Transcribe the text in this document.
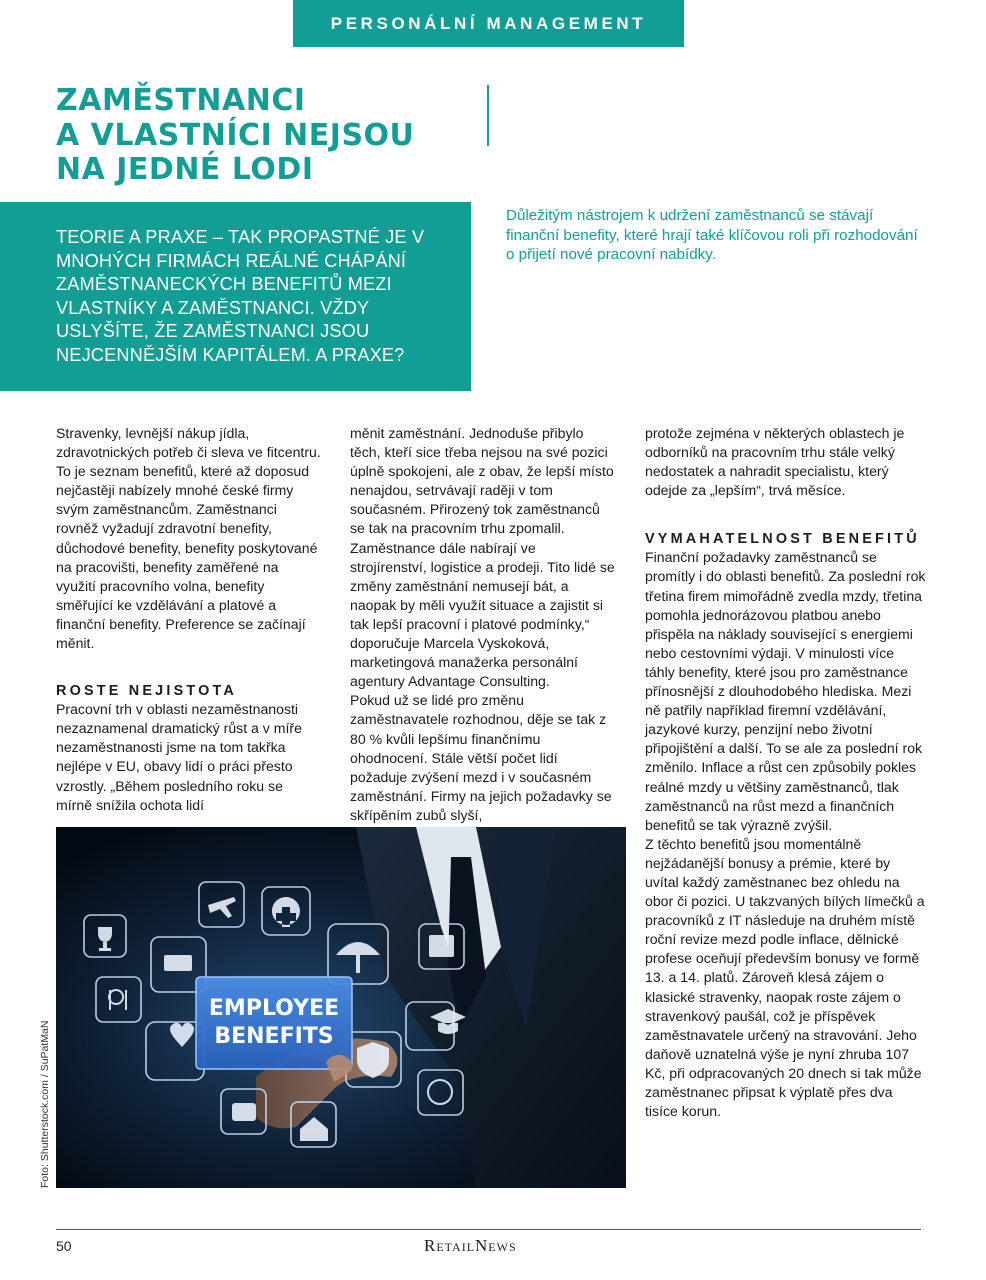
PERSONÁLNÍ MANAGEMENT
ZAMĚSTNANCI
A VLASTNÍCI NEJSOU
NA JEDNÉ LODI

TEORIE A PRAXE – TAK PROPASTNÉ JE V MNOHÝCH FIRMÁCH REÁLNÉ CHÁPÁNÍ ZAMĚSTNANECKÝCH BENEFITŮ MEZI VLASTNÍKY A ZAMĚSTNANCI. VŽDY USLYŠÍTE, ŽE ZAMĚSTNANCI JSOU NEJCENNĚJŠÍM KAPITÁLEM. A PRAXE?

Důležitým nástrojem k udržení zaměstnanců se stávají finanční benefity, které hrají také klíčovou roli při rozhodování o přijetí nové pracovní nabídky.

Stravenky, levnější nákup jídla, zdravotnických potřeb či sleva ve fitcentru. To je seznam benefitů, které až doposud nejčastěji nabízely mnohé české firmy svým zaměstnancům. Zaměstnanci rovněž vyžadují zdravotní benefity, důchodové benefity, benefity poskytované na pracovišti, benefity zaměřené na využití pracovního volna, benefity směřující ke vzdělávání a platové a finanční benefity. Preference se začínají měnit.

ROSTE NEJISTOTA

Pracovní trh v oblasti nezaměstnanosti nezaznamenal dramatický růst a v míře nezaměstnanosti jsme na tom takřka nejlépe v EU, obavy lidí o práci přesto vzrostly. „Během posledního roku se mírně snížila ochota lidí

měnit zaměstnání. Jednoduše přibylo těch, kteří sice třeba nejsou na své pozici úplně spokojeni, ale z obav, že lepší místo nenajdou, setrvávají raději v tom současném. Přirozený tok zaměstnanců se tak na pracovním trhu zpomalil. Zaměstnance dále nabírají ve strojírenství, logistice a prodeji. Tito lidé se změny zaměstnání nemusejí bát, a naopak by měli využít situace a zajistit si tak lepší pracovní i platové podmínky,“ doporučuje Marcela Vyskoková, marketingová manažerka personální agentury Advantage Consulting.

Pokud už se lidé pro změnu zaměstnavatele rozhodnou, děje se tak z 80 % kvůli lepšímu finančnímu ohodnocení. Stále větší počet lidí požaduje zvýšení mezd i v současném zaměstnání. Firmy na jejich požadavky se skřípěním zubů slyší,

protože zejména v některých oblastech je odborníků na pracovním trhu stále velký nedostatek a nahradit specialistu, který odejde za „lepším“, trvá měsíce.

VYMAHATELNOST BENEFITŮ

Finanční požadavky zaměstnanců se promítly i do oblasti benefitů. Za poslední rok třetina firem mimořádně zvedla mzdy, třetina pomohla jednorázovou platbou anebo přispěla na náklady související s energiemi nebo cestovními výdaji. V minulosti více táhly benefity, které jsou pro zaměstnance přínosnější z dlouhodobého hlediska. Mezi ně patřily například firemní vzdělávání, jazykové kurzy, penzijní nebo životní připojištění a další. To se ale za poslední rok změnilo. Inflace a růst cen způsobily pokles reálné mzdy u většiny zaměstnanců, tlak zaměstnanců na růst mezd a finančních benefitů se tak výrazně zvýšil.

Z těchto benefitů jsou momentálně nejžádanější bonusy a prémie, které by uvítal každý zaměstnanec bez ohledu na obor či pozici. U takzvaných bílých límečků a pracovníků z IT následuje na druhém místě roční revize mezd podle inflace, dělnické profese oceňují především bonusy ve formě 13. a 14. platů. Zároveň klesá zájem o klasické stravenky, naopak roste zájem o stravenkový paušál, což je příspěvek zaměstnavatele určený na stravování. Jeho daňově uznatelná výše je nyní zhruba 107 Kč, při odpracovaných 20 dnech si tak může zaměstnanec připsat k výplatě přes dva tisíce korun.

EMPLOYEE
BENEFITS
Foto: Shutterstock.com / SuPatMaN
50	RetailNews
